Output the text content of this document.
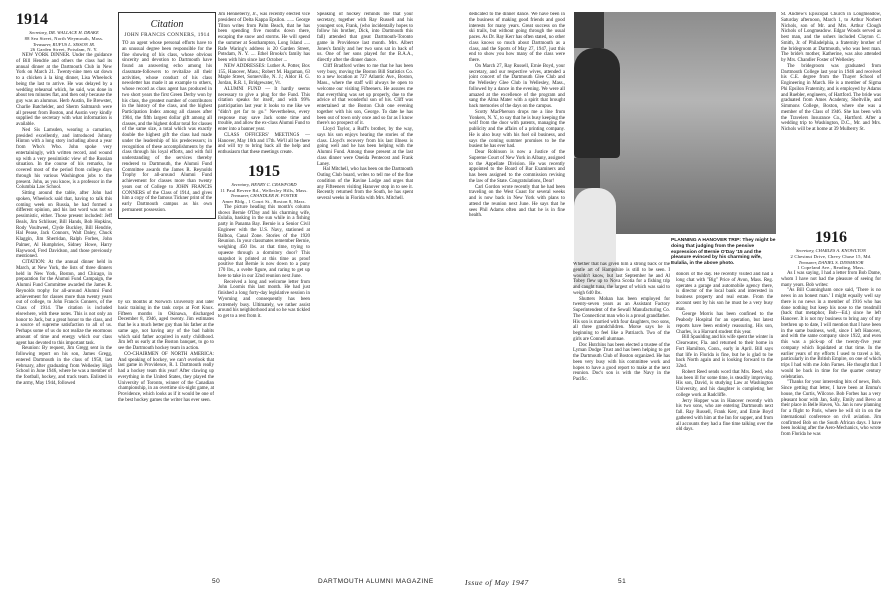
1914

Secretary, DR. WALLACE H. DRAKE

88 Sea Street, North Weymouth, Mass.

Treasurer, RUFUS L. SISSON JR.

26 Garden Street, Potsdam, N. Y.

NEW YORK DINNER. Under the guidance of Bill Hendrie and others the class had its annual dinner at the Dartmouth Club in New York on March 21. Twenty-nine men sat down to a chicken à la king dinner, Lisa Wheelock being the last to arrive. He was delayed by a wedding rehearsal which, he said, was done in about ten minutes flat, and then only because the guy was an alumnus. Herb Austin, Ile Brewster, Charlie Batchelder, and Sherm Saltmarsh were all present from Boston, and Austin very kindly supplied the secretary with what information is available.

Ned Sis Lamsden, wearing a carnation, presided excellently, and introduced Johnny Hinton with a long story including about a year from Who's Who. John spoke very entertainingly, with written record, and wound up with a very pessimistic view of the Russian situation. In the course of his remarks, he covered most of the period from college days through his various Washington jobs to the present. John, as you know, is a professor in the Columbia Law School.

Sitting around the table, after John had spoken, Wheelock said that, having to talk this coming week on Russia, he had formed a different opinion, and his last word was not so pessimistic, either. Those present included: Jeff Beals, Jim Schlisser, Bill Hands, Bob Hopkins, Rody Voultweel, Clyde Buckley, Bill Hendrie, Hal Pease, Jack Connors, Walt Daley, Chuck Klaggin, Jim Sherridan, Ralph Forbes, John Palmer, Al Humphries, Sidney Howe, Harry Haywood, Fred Davidson, and those previously mentioned.

CITATION: At the annual dinner held in March, at New York, the lists of three dinners held in New York, Boston, and Chicago, in preparation for the Alumni Fund Campaign, the Alumni Fund Committee awarded the James R. Reynolds trophy for all-around Alumni Fund achievement for classes more than twenty years out of college, to John Francis Conners, of the Class of 1914. The citation is included elsewhere, with these notes. This is not only an honor to Jack, but a great honor to the class, and a source of supreme satisfaction to all of us. Perhaps some of us do not realize the enormous amount of time and energy which our class agent has devoted to this important task.

Reunion: By request, Jim Gregg sent in the following report on his son, James Gregg, entered Dartmouth in the class of 1950, last February, after graduating from Wellesley High School in June 1946, where he was a member of the football, hockey, and track team. Enlisted in the army, May 1944, followed

Citation
JOHN FRANCIS CONNERS, 1914
TO an agent whose personal efforts have to an unusual degree been responsible for the fine showing of his class, whose obvious sincerity and devotion to Dartmouth have found an answering echo among his classmate-followers to revitalize all their activities, whose conduct of his class newsletter has made it an example to others, whose record as class agent has produced in two short years the first Green Derby won by his class, the greatest number of contributors in the history of the class, and the highest Participation Index among all classes after 1904, the fifth largest dollar gift among all classes, and the highest dollar total for classes of the same size, a total which was exactly double the highest gift the class had made under the leadership of his predecessors; in recognition of these accomplishments by the class through his loyal efforts, and with full understanding of the services thereby rendered to Dartmouth, the Alumni Fund Committee awards the James R. Reynolds Trophy for all-around Alumni Fund achievement for classes more than twenty years out of College to JOHN FRANCIS CONNERS of the Class of 1914, and gives him a copy of the famous Tickner print of the early Dartmouth campus as his own permanent possession.

by six months at Norwich University and later basic training in the tank corps at Fort Knox. Fifteen months in Okinawa, discharged December 8, 1946, aged twenty. Jim estimates that he is a much better guy than his father at the same age, not having any of the bad habits which said father acquired in early childhood. Jim left us early at the Boston banquet, to go to see the Dartmouth hockey team in action.

CO-CHAIRMEN OF NORTH AMERICA: And speaking of hockey, we can't overlook that last game in Providence, R. I. Dartmouth really had a hockey team this year! After clawing up everything in the United States, they played the University of Toronto, winner of the Canadian championship, in an overtime six-night game, at Providence, which looks as if it would be one of the best hockey games the writer has ever seen.

Jim Henneberry, Jr., was recently elected vice president of Delta Kappa Epsilon. ...... George Tilton writes from Palm Beach, that he has been spending five months down there, escaping the snow and storms. He will spend the summer at Southampton, Long Island ..... Rafe Waring's address is 20 Garden Street, Potsdam, N. Y. .... Ethel Brooks's family has been with him since last October ...

NEW ADDRESSES: Luther A. Potter, Box 155, Hanover, Mass.; Robert M. Hagaman, 63 Maple Street, Somerville, N. J.; Aldor H. G. Jordan, R.R. 1, Bridgewater, Vt.

ALUMNI FUND — It hardly seems necessary to give a plug for the Fund. This citation speaks for itself, and with 99% participation last year it looks to me like we "didn't get far to go." Nevertheless, every response may save Jack some time and trouble, and allow the ex-class Alumni Fund to enter into a banner year.

CLASS OFFICERS' MEETINGS — Hanover, May 16th and 17th. We'll all be there and will try to bring back all the help and enthusiasm that these meetings create.

1915

Secretary, HENRY C. CRAWFORD

11 Paul Revere Rd., Wellesley Hills, Mass.

Treasurer, CHANDLER H. FOSTER

Amer Bldg., 1 Court St., Boston 8, Mass.

The picture heading this month's column shows Bernie O'Day and his charming wife, Eulalia, basking in the sun while in a fishing party in Panama Bay. Bernie is a Senior Civil Engineer with the U.S. Navy, stationed at Balboa, Canal Zone. Stories of the 1920 Reunion. In your classmates remember Bernie, weighing 450 lbs. at that time, trying to squeeze through a dormitory door? This snapshot is printed at this time as proof positive that Bernie is now down to a puny 170 lbs., a svelte figure, and raring to get up here to take in our 32nd reunion next June.

Received a long and welcome letter from John Loomis this last month. He had just finished a long forty-day legislative session in Wyoming and consequently has been extremely busy. Ultimately, we rather assist around his neighborhood and so he was tickled to get to a rest from it.

Speaking of hockey reminds me that your secretary, together with Ray Russell and his youngest son, Frank, (who incidentally hopes to follow his brother, Dick, into Dartmouth this fall) attended that great Dartmouth-Toronto game in Providence last month. Mrs. Albert Jones's family and her two sons sat in back of us. One of her sons played for the B.A.A., directly after the dinner dance.

Cliff Bradford writes to me that he has been very busy, moving the Boston Bill Statistics Co. to a new location at 727 Atlantic Ave., Boston, Mass., where the staff will always be open to welcome our visiting Fifteeners. He assures me that everything was set up properly, due to the advice of that wonderful son of his. Cliff was entertained at the Boston Club one evening together with his son, George. To date he has been out of town only once and so far as I know there's no prospect of it.

Lloyd Taylor, a Ruff's brother, by the way, says his son enjoys hearing the stories of the class. Lloyd's recovery from his last illness is going well and he has been helping with the Alumni Fund. Among those present at the last class dinner were Oneida Pentecost and Frank Laney.

Hal Mitchell, who has been on the Dartmouth Outing Club board, writes to tell me of the fine condition of the Ravine Lodge and urges that any Fifteeners visiting Hanover stop in to see it. Recently returned from the South, he has spent several weeks in Florida with Mrs. Mitchell.

dedicated to the dinner dance. We have been in the business of making good friends and good interests for many years. Great success on the ski trails, but without going through the usual paces. As Dr. Ray Kerr has often stated, no other class knows so much about Dartmouth as a class, and the Sports of May 27, 1947, just this end to show you how many of the class were there.

On March 27, Ray Russell, Ernie Boyd, your secretary, and our respective wives, attended a joint concert of the Dartmouth Glee Club and the Wellesley Glee Club in Wellesley, Mass., followed by a dance in the evening. We were all amazed at the excellence of the program and sang the Alma Mater with a spirit that brought back memories of the days on the campus.

Scotty MacPherson drops me a line from Yonkers, N. Y., to say that he is busy keeping the wolf from the door with patents, managing the publicity and the affairs of a printing company. He is also busy with his fuel oil business, and says the coming summer promises to be the busiest he has ever had.

Dear Robinson is now a Justice of the Supreme Court of New York in Albany, assigned to the Appellate Division. He was recently appointed to the Board of Bar Examiners and has been assigned to the commission revising the law of the State. Congratulations, Dear!

Carl Gordon wrote recently that he had been traveling on the West Coast for several weeks and is now back in New York with plans to attend the reunion next June. He says that he sees Phil Adams often and that he is in fine health.

PLANNING A HANOVER TRIP: They might be doing that judging from the pensive expression of Bernie O'Day '15 and the pleasure evinced by his charming wife, Eulalia, in the above photo.

Whether that has given him a strong back or the gentle art of Hampshire is still to be seen. I wouldn't know, but last September he and Al Tobey flew up to Nova Scotia for a fishing trip and caught tuna, the largest of which was said to weigh 640 lbs.

Shutters Mohan has been employed for twenty-seven years as an Assistant Factory Superintendent of the Sewall Manufacturing Co. The Connecticut man who is a proud grandfather. His son is married with four daughters, two sons, all three grandchildren. Morse says he is beginning to feel like a Patriarch. Two of the girls are Connell alumnae.

Doc Hutchins has been elected a trustee of the Lyman Dodge Trust and has been helping to get the Dartmouth Club of Boston organized. He has been very busy with his committee work and hopes to have a good report to make at the next reunion. Doc's son is with the Navy in the Pacific.

donors of the day. He recently visited and had a long chat with "Big" Price of Avon, Mass. Reg. operates a garage and automobile agency there, is director of the local bank and interested in business property and real estate. From the account sent by his son he must be a very busy man.

George Morris has been confined to the Peabody Hospital for an operation, but latest reports have been entirely reassuring. His son, Charles, is a Harvard student this year.

Bill Spaulding and his wife spent the winter in Clearwater, Fla. and returned to their home in Fort Hamilton, Conn., early in April. Bill says that life in Florida is fine, but he is glad to be back North again and is looking forward to the 32nd.

Robert Reed sends word that Mrs. Reed, who has been ill for some time, is steadily improving. His son, David, is studying Law at Washington University, and his daughter is completing her college work at Radcliffe.

Jerry Hopper was in Hanover recently with his two sons, who are entering Dartmouth next fall. Ray Russell, Frank Kerr, and Ernie Boyd gathered with him at the Inn for supper, and from all accounts they had a fine time talking over the old days.

St. Andrew's Episcopal Church in Longmeadow, Saturday afternoon, March 1, to Arthur Norbert Nichols, son of Mr. and Mrs. Arthur Clough Nichols of Longmeadow. Edgar Woods served as best man, and the ushers included Clayton C. Smith, Jr. of Philadelphia, a fraternity brother of the bridegroom at Dartmouth, who was best man. The bride's mother, Katherine, was also attended by Mrs. Chandler Foster of Wellesley.

The bridegroom was graduated from Dartmouth College last year in 1946 and received his C.E. degree from the Thayer School of Engineering in March. He is a member of Sigma Phi Epsilon Fraternity, and is employed by Adams and Ruebler, engineers, of Hartford. The bride was graduated from Ames Academy, Sheltville, and Simmons College, Boston, where she was a member of the Class of 1946. She has been with the Travelers Insurance Co., Hartford. After a wedding trip to Washington, D.C., Mr. and Mrs. Nichols will be at home at 39 Mulberry St.

1916

Secretary, CHARLES A. KNOWLTON

2 Chestnut Drive, Chevy Chase 15, Md.

Treasurer, DANIEL S. DINSMOOR

1 Copeland Ave., Reading, Mass.

As I was saying, I had a letter from Bob Dame, whom I have not had the pleasure of seeing for many years. Bob writes:

"As Bill Cunningham once said, 'There is no news in an honest man.' I might equally well say there is no news in a member of 1916 who has done nothing but keep his nose to the treadmill (back that metaphor, Bob—Ed.) since he left Hanover. It is not my business to bring any of my brethren up to date, I will mention that I have been in the same business, well, since I left Hanover, and with the same company since 1922, and even this was a pick-up of the twenty-five year company which liquidated at that time. In the earlier years of my efforts I used to travel a bit, particularly in the British Empire, on one of which trips I had with me John Farnes. He thought that I would be back in time for the quarter century celebration.

"Thanks for your interesting bits of news, Bob. Since getting that letter, I have been at Emma's house, the Curtis, Wilcoxe. Bob Forbes has a very pleasant hour with Jan, Sally, Emily and Bevo at their place in Belle Haven, Va. Jan is now planning for a flight to Paris, where he will sit in on the international conference on civil aviation. Jim confirmed Bob on the South African days. I have been looking after the Aero-Mechanics, who wrote from Florida he was

50	DARTMOUTH ALUMNI MAGAZINE	Issue of May 1947	51
